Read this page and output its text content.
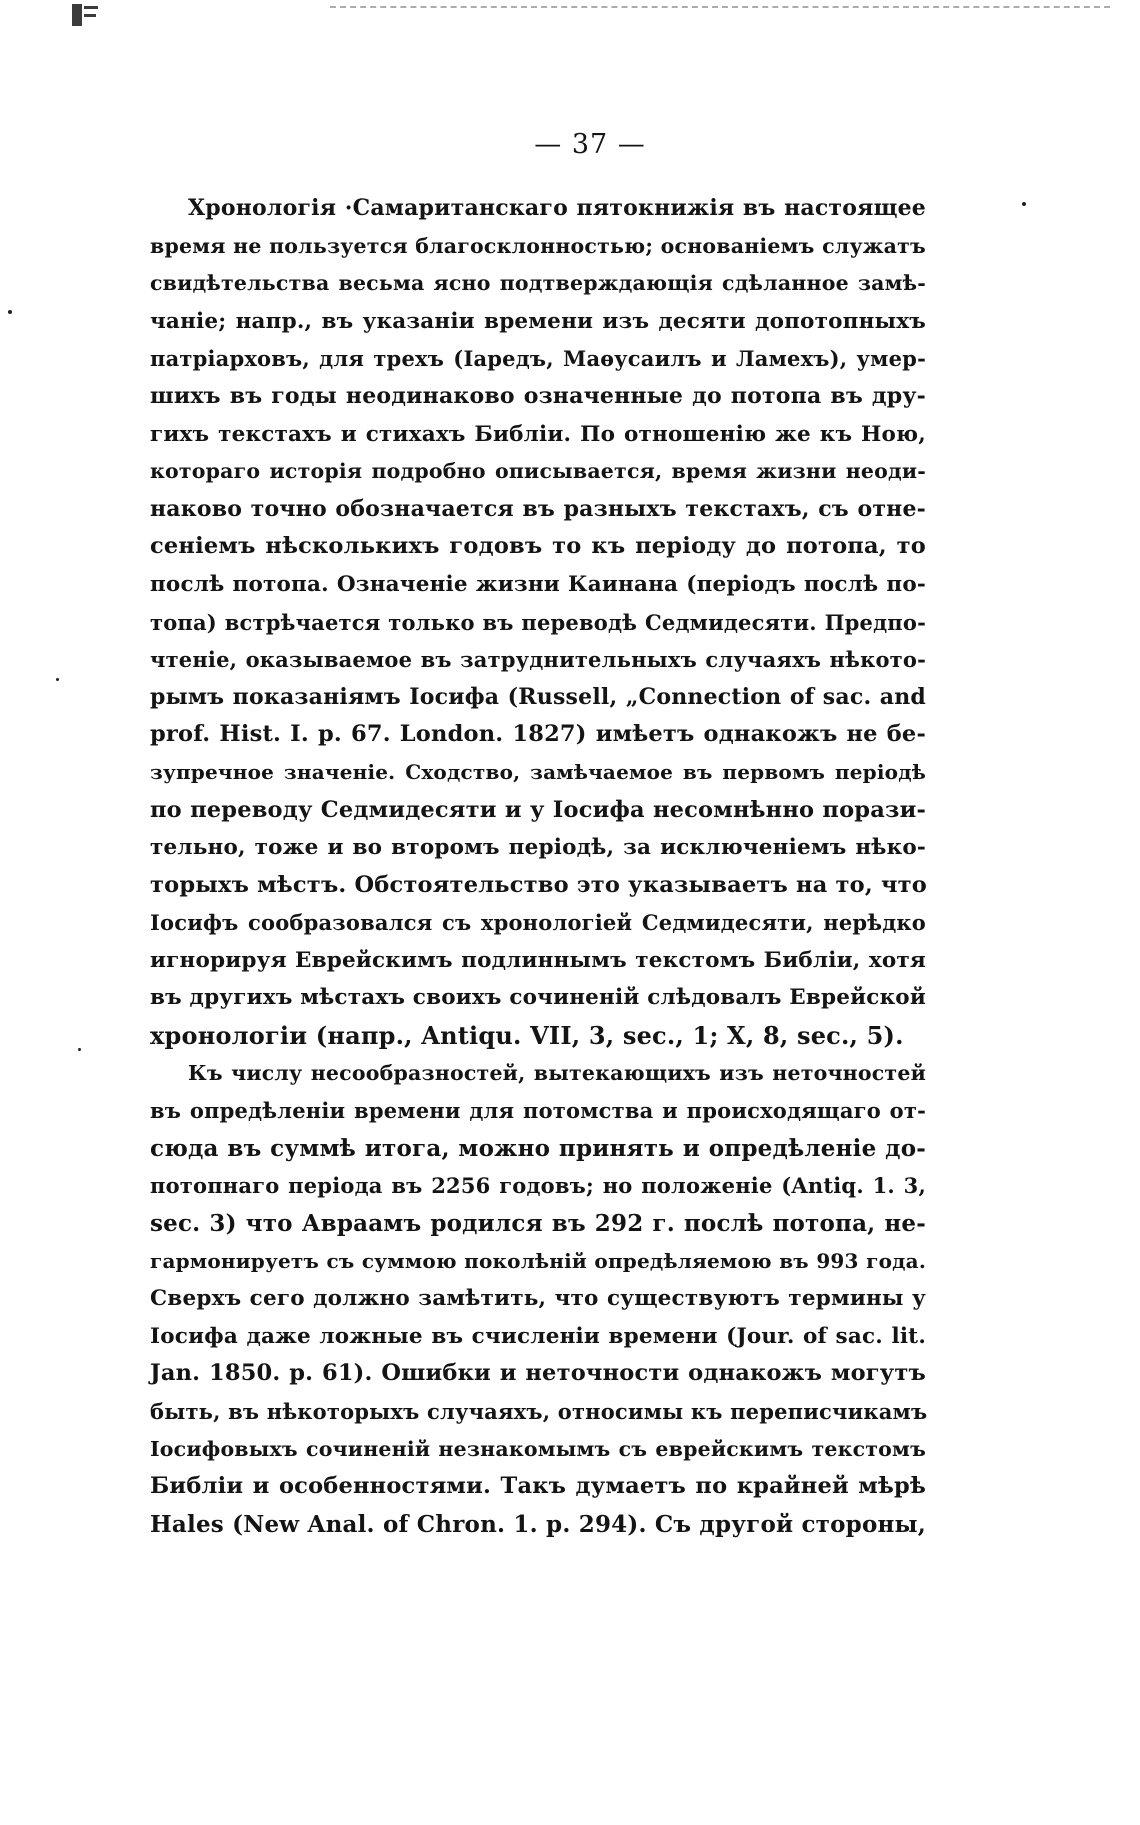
— 37 —
Хронологія ·Самаританскаго пятокнижія въ настоящее
время не пользуется благосклонностью; основаніемъ служатъ
свидѣтельства весьма ясно подтверждающія сдѣланное замѣ-
чаніе; напр., въ указаніи времени изъ десяти допотопныхъ
патріарховъ, для трехъ (Іаредъ, Маѳусаилъ и Ламехъ), умер-
шихъ въ годы неодинаково означенные до потопа въ дру-
гихъ текстахъ и стихахъ Библіи. По отношенію же къ Ною,
котораго исторія подробно описывается, время жизни неоди-
наково точно обозначается въ разныхъ текстахъ, съ отне-
сеніемъ нѣсколькихъ годовъ то къ періоду до потопа, то
послѣ потопа. Означеніе жизни Каинана (періодъ послѣ по-
топа) встрѣчается только въ переводѣ Седмидесяти. Предпо-
чтеніе, оказываемое въ затруднительныхъ случаяхъ нѣкото-
рымъ показаніямъ Іосифа (Russell, „Connection of sac. and
prof. Hist. I. p. 67. London. 1827) имѣетъ однакожъ не бе-
зупречное значеніе. Сходство, замѣчаемое въ первомъ періодѣ
по переводу Седмидесяти и у Іосифа несомнѣнно порази-
тельно, тоже и во второмъ періодѣ, за исключеніемъ нѣко-
торыхъ мѣстъ. Обстоятельство это указываетъ на то, что
Іосифъ сообразовался съ хронологіей Седмидесяти, нерѣдко
игнорируя Еврейскимъ подлиннымъ текстомъ Библіи, хотя
въ другихъ мѣстахъ своихъ сочиненій слѣдовалъ Еврейской
хронологіи (напр., Antiqu. VII, 3, sec., 1; X, 8, sec., 5).
Къ числу несообразностей, вытекающихъ изъ неточностей
въ опредѣленіи времени для потомства и происходящаго от-
сюда въ суммѣ итога, можно принять и опредѣленіе до-
потопнаго періода въ 2256 годовъ; но положеніе (Antiq. 1. 3,
sec. 3) что Авраамъ родился въ 292 г. послѣ потопа, не-
гармонируетъ съ суммою поколѣній опредѣляемою въ 993 года.
Сверхъ сего должно замѣтить, что существуютъ термины у
Іосифа даже ложные въ счисленіи времени (Jour. of sac. lit.
Jan. 1850. p. 61). Ошибки и неточности однакожъ могутъ
быть, въ нѣкоторыхъ случаяхъ, относимы къ переписчикамъ
Іосифовыхъ сочиненій незнакомымъ съ еврейскимъ текстомъ
Библіи и особенностями. Такъ думаетъ по крайней мѣрѣ
Hales (New Anal. of Chron. 1. p. 294). Съ другой стороны,
